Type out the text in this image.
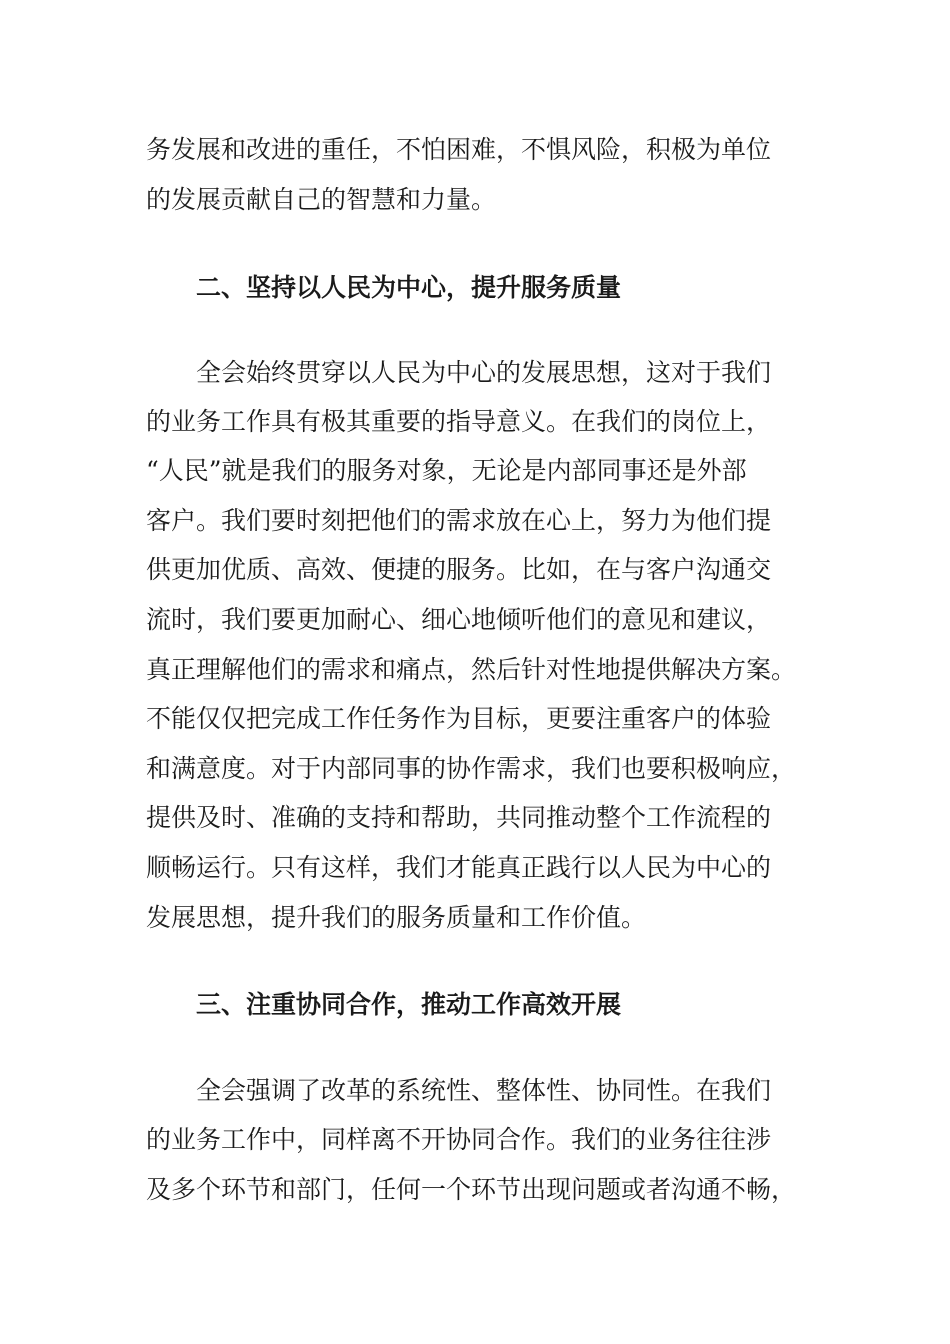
务发展和改进的重任，不怕困难，不惧风险，积极为单位

的发展贡献自己的智慧和力量。

二、坚持以人民为中心，提升服务质量

全会始终贯穿以人民为中心的发展思想，这对于我们

的业务工作具有极其重要的指导意义。在我们的岗位上，

“人民”就是我们的服务对象，无论是内部同事还是外部

客户。我们要时刻把他们的需求放在心上，努力为他们提

供更加优质、高效、便捷的服务。比如，在与客户沟通交

流时，我们要更加耐心、细心地倾听他们的意见和建议，

真正理解他们的需求和痛点，然后针对性地提供解决方案。

不能仅仅把完成工作任务作为目标，更要注重客户的体验

和满意度。对于内部同事的协作需求，我们也要积极响应，

提供及时、准确的支持和帮助，共同推动整个工作流程的

顺畅运行。只有这样，我们才能真正践行以人民为中心的

发展思想，提升我们的服务质量和工作价值。

三、注重协同合作，推动工作高效开展

全会强调了改革的系统性、整体性、协同性。在我们

的业务工作中，同样离不开协同合作。我们的业务往往涉

及多个环节和部门，任何一个环节出现问题或者沟通不畅，
